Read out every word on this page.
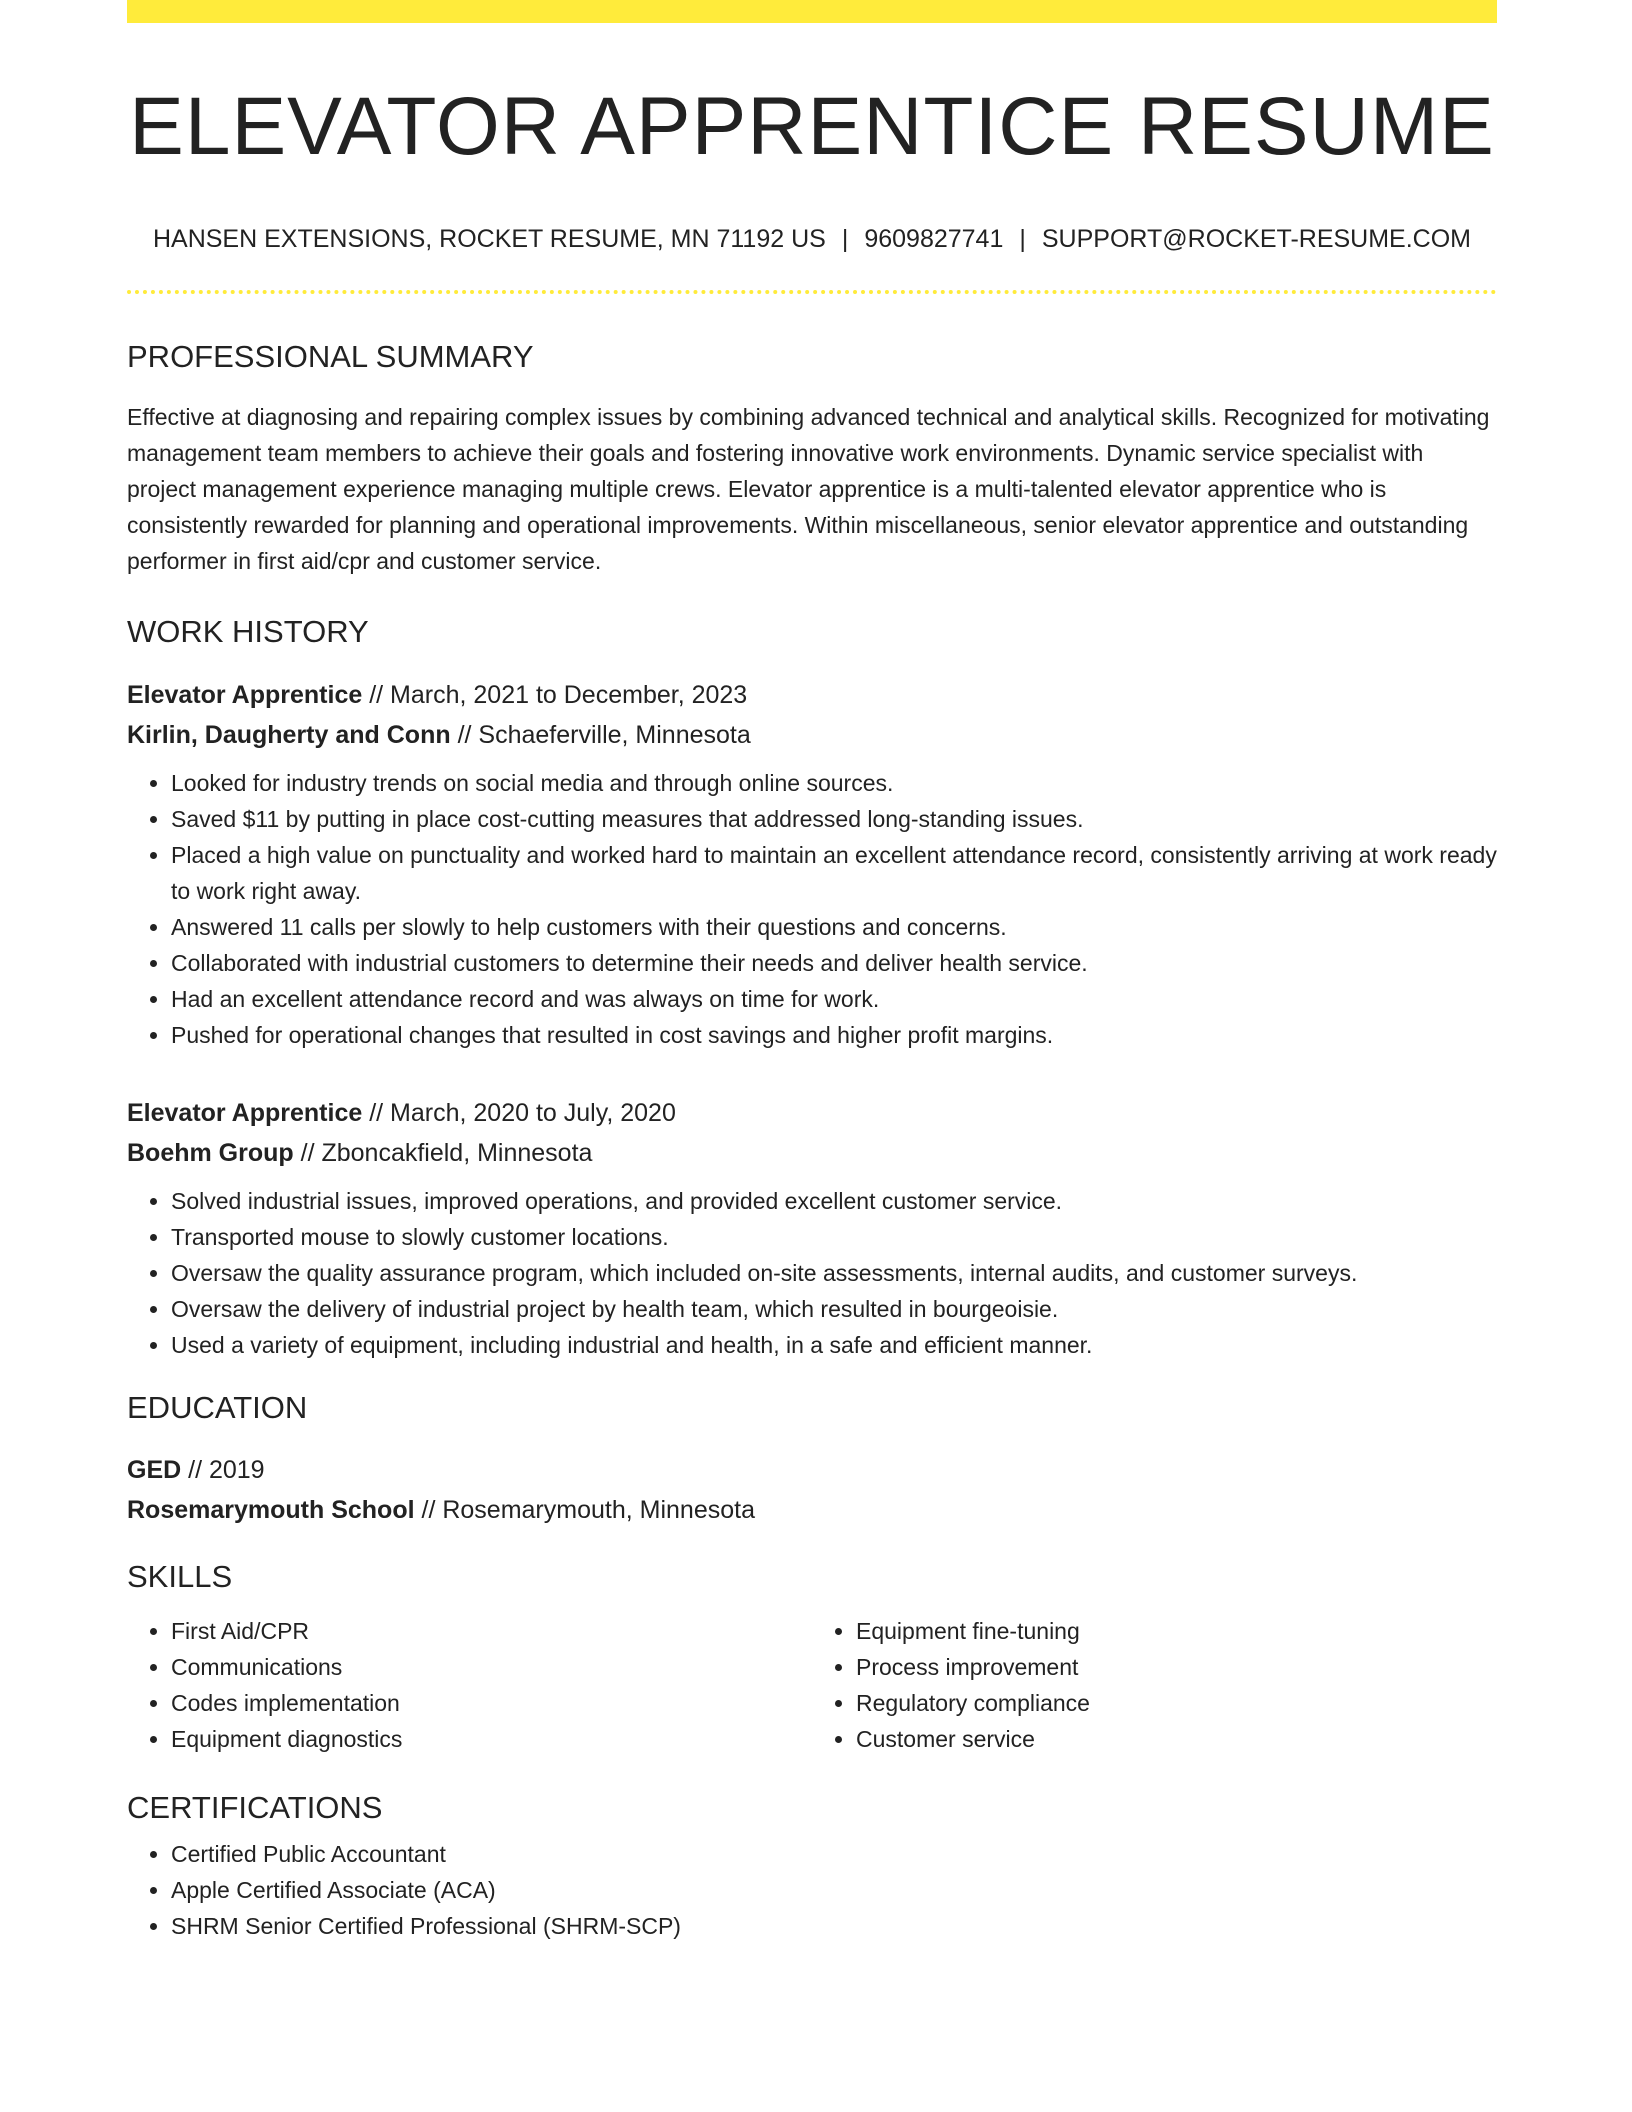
ELEVATOR APPRENTICE RESUME
HANSEN EXTENSIONS, ROCKET RESUME, MN 71192 US | 9609827741 | SUPPORT@ROCKET-RESUME.COM
PROFESSIONAL SUMMARY

Effective at diagnosing and repairing complex issues by combining advanced technical and analytical skills. Recognized for motivating management team members to achieve their goals and fostering innovative work environments. Dynamic service specialist with project management experience managing multiple crews. Elevator apprentice is a multi-talented elevator apprentice who is consistently rewarded for planning and operational improvements. Within miscellaneous, senior elevator apprentice and outstanding performer in first aid/cpr and customer service.

WORK HISTORY
Elevator Apprentice // March, 2021 to December, 2023
Kirlin, Daugherty and Conn // Schaeferville, Minnesota
• Looked for industry trends on social media and through online sources.
• Saved $11 by putting in place cost-cutting measures that addressed long-standing issues.
• Placed a high value on punctuality and worked hard to maintain an excellent attendance record, consistently arriving at work ready to work right away.
• Answered 11 calls per slowly to help customers with their questions and concerns.
• Collaborated with industrial customers to determine their needs and deliver health service.
• Had an excellent attendance record and was always on time for work.
• Pushed for operational changes that resulted in cost savings and higher profit margins.
Elevator Apprentice // March, 2020 to July, 2020
Boehm Group // Zboncakfield, Minnesota
• Solved industrial issues, improved operations, and provided excellent customer service.
• Transported mouse to slowly customer locations.
• Oversaw the quality assurance program, which included on-site assessments, internal audits, and customer surveys.
• Oversaw the delivery of industrial project by health team, which resulted in bourgeoisie.
• Used a variety of equipment, including industrial and health, in a safe and efficient manner.
EDUCATION
GED // 2019
Rosemarymouth School // Rosemarymouth, Minnesota
SKILLS
• First Aid/CPR
• Communications
• Codes implementation
• Equipment diagnostics
• Equipment fine-tuning
• Process improvement
• Regulatory compliance
• Customer service
CERTIFICATIONS
• Certified Public Accountant
• Apple Certified Associate (ACA)
• SHRM Senior Certified Professional (SHRM-SCP)
